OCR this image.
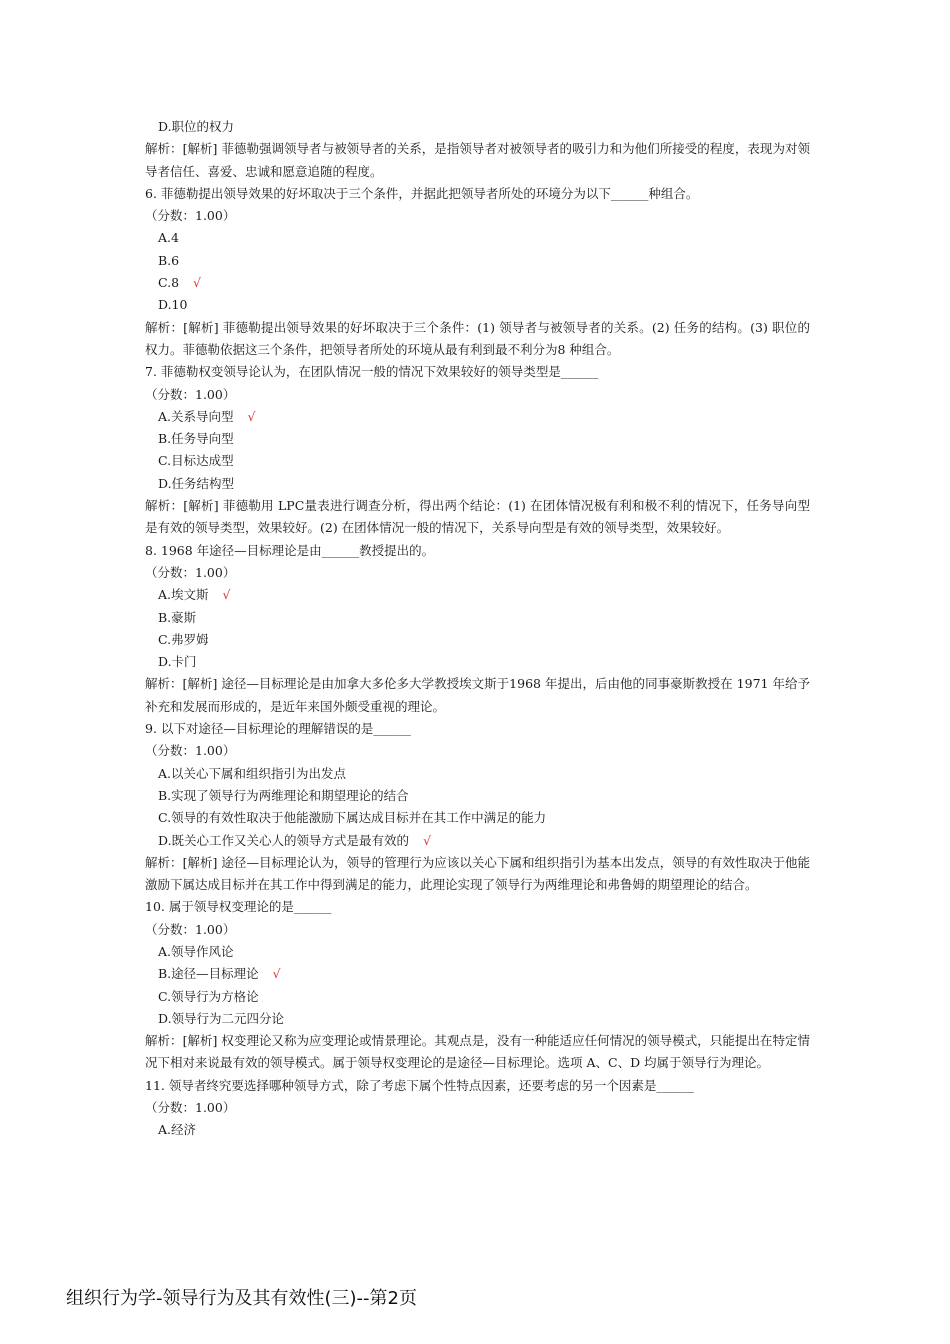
D.职位的权力
解析：[解析] 菲德勒强调领导者与被领导者的关系，是指领导者对被领导者的吸引力和为他们所接受的程度，表现为对领导者信任、喜爱、忠诚和愿意追随的程度。
6. 菲德勒提出领导效果的好坏取决于三个条件，并据此把领导者所处的环境分为以下______种组合。
（分数：1.00）
A.4
B.6
C.8 √
D.10
解析：[解析] 菲德勒提出领导效果的好坏取决于三个条件：(1) 领导者与被领导者的关系。(2) 任务的结构。(3) 职位的权力。菲德勒依据这三个条件，把领导者所处的环境从最有利到最不利分为8 种组合。
7. 菲德勒权变领导论认为，在团队情况一般的情况下效果较好的领导类型是______
（分数：1.00）
A.关系导向型 √
B.任务导向型
C.目标达成型
D.任务结构型
解析：[解析] 菲德勒用 LPC量表进行调查分析，得出两个结论：(1) 在团体情况极有利和极不利的情况下，任务导向型是有效的领导类型，效果较好。(2) 在团体情况一般的情况下，关系导向型是有效的领导类型，效果较好。
8. 1968 年途径—目标理论是由______教授提出的。
（分数：1.00）
A.埃文斯 √
B.豪斯
C.弗罗姆
D.卡门
解析：[解析] 途径—目标理论是由加拿大多伦多大学教授埃文斯于1968 年提出，后由他的同事豪斯教授在 1971 年给予补充和发展而形成的，是近年来国外颇受重视的理论。
9. 以下对途径—目标理论的理解错误的是______
（分数：1.00）
A.以关心下属和组织指引为出发点
B.实现了领导行为两维理论和期望理论的结合
C.领导的有效性取决于他能激励下属达成目标并在其工作中满足的能力
D.既关心工作又关心人的领导方式是最有效的 √
解析：[解析] 途径—目标理论认为，领导的管理行为应该以关心下属和组织指引为基本出发点，领导的有效性取决于他能激励下属达成目标并在其工作中得到满足的能力，此理论实现了领导行为两维理论和弗鲁姆的期望理论的结合。
10. 属于领导权变理论的是______
（分数：1.00）
A.领导作风论
B.途径—目标理论 √
C.领导行为方格论
D.领导行为二元四分论
解析：[解析] 权变理论又称为应变理论或情景理论。其观点是，没有一种能适应任何情况的领导模式，只能提出在特定情况下相对来说最有效的领导模式。属于领导权变理论的是途径—目标理论。选项 A、C、D 均属于领导行为理论。
11. 领导者终究要选择哪种领导方式，除了考虑下属个性特点因素，还要考虑的另一个因素是______
（分数：1.00）
A.经济
组织行为学-领导行为及其有效性(三)--第2页
